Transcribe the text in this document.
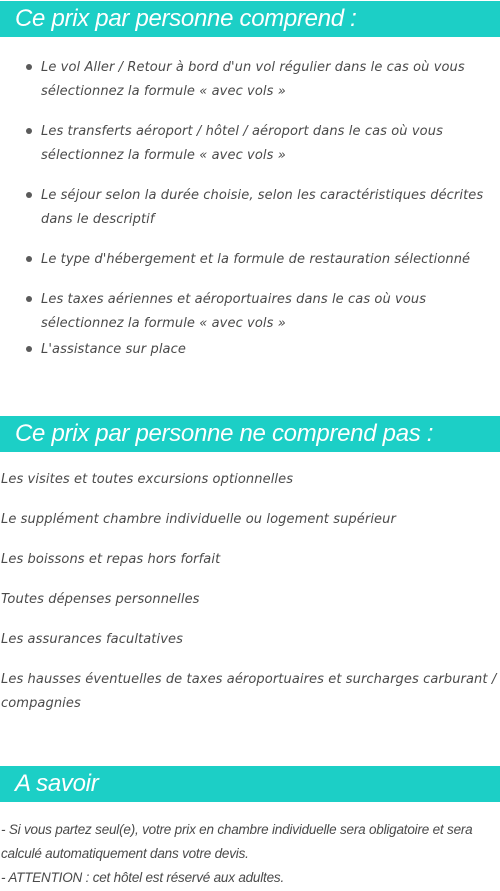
Ce prix par personne comprend :
Le vol Aller / Retour à bord d'un vol régulier dans le cas où vous sélectionnez la formule « avec vols »
Les transferts aéroport / hôtel / aéroport dans le cas où vous sélectionnez la formule « avec vols »
Le séjour selon la durée choisie, selon les caractéristiques décrites dans le descriptif
Le type d'hébergement et la formule de restauration sélectionné
Les taxes aériennes et aéroportuaires dans le cas où vous sélectionnez la formule « avec vols »
L'assistance sur place
Ce prix par personne ne comprend pas :

Les visites et toutes excursions optionnelles

Le supplément chambre individuelle ou logement supérieur

Les boissons et repas hors forfait

Toutes dépenses personnelles

Les assurances facultatives

Les hausses éventuelles de taxes aéroportuaires et surcharges carburant / compagnies

A savoir

- Si vous partez seul(e), votre prix en chambre individuelle sera obligatoire et sera calculé automatiquement dans votre devis.

- ATTENTION : cet hôtel est réservé aux adultes.
